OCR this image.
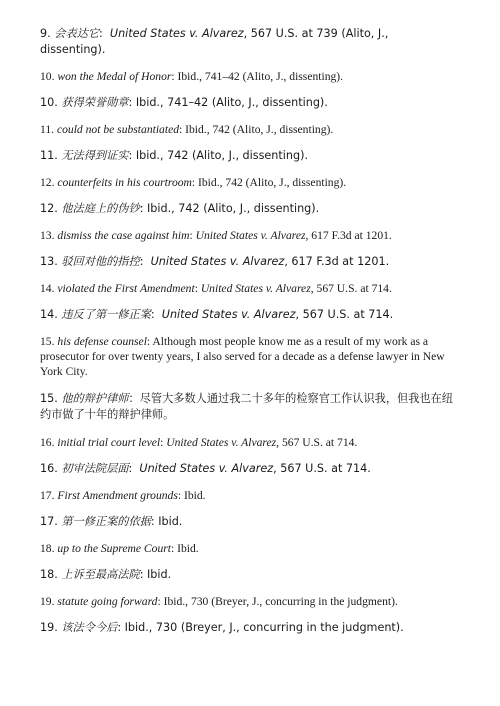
9. 会表达它:  United States v. Alvarez, 567 U.S. at 739 (Alito, J., dissenting).

10. won the Medal of Honor: Ibid., 741–42 (Alito, J., dissenting).

10. 获得荣誉勋章: Ibid., 741–42 (Alito, J., dissenting).

11. could not be substantiated: Ibid., 742 (Alito, J., dissenting).

11. 无法得到证实: Ibid., 742 (Alito, J., dissenting).

12. counterfeits in his courtroom: Ibid., 742 (Alito, J., dissenting).

12. 他法庭上的伪钞: Ibid., 742 (Alito, J., dissenting).

13. dismiss the case against him: United States v. Alvarez, 617 F.3d at 1201.

13. 驳回对他的指控:  United States v. Alvarez, 617 F.3d at 1201.

14. violated the First Amendment: United States v. Alvarez, 567 U.S. at 714.

14. 违反了第一修正案:  United States v. Alvarez, 567 U.S. at 714.

15. his defense counsel: Although most people know me as a result of my work as a prosecutor for over twenty years, I also served for a decade as a defense lawyer in New York City.

15. 他的辩护律师：尽管大多数人通过我二十多年的检察官工作认识我，但我也在纽约市做了十年的辩护律师。

16. initial trial court level: United States v. Alvarez, 567 U.S. at 714.

16. 初审法院层面:  United States v. Alvarez, 567 U.S. at 714.

17. First Amendment grounds: Ibid.

17. 第一修正案的依据: Ibid.

18. up to the Supreme Court: Ibid.

18. 上诉至最高法院: Ibid.

19. statute going forward: Ibid., 730 (Breyer, J., concurring in the judgment).

19. 该法令今后: Ibid., 730 (Breyer, J., concurring in the judgment).
